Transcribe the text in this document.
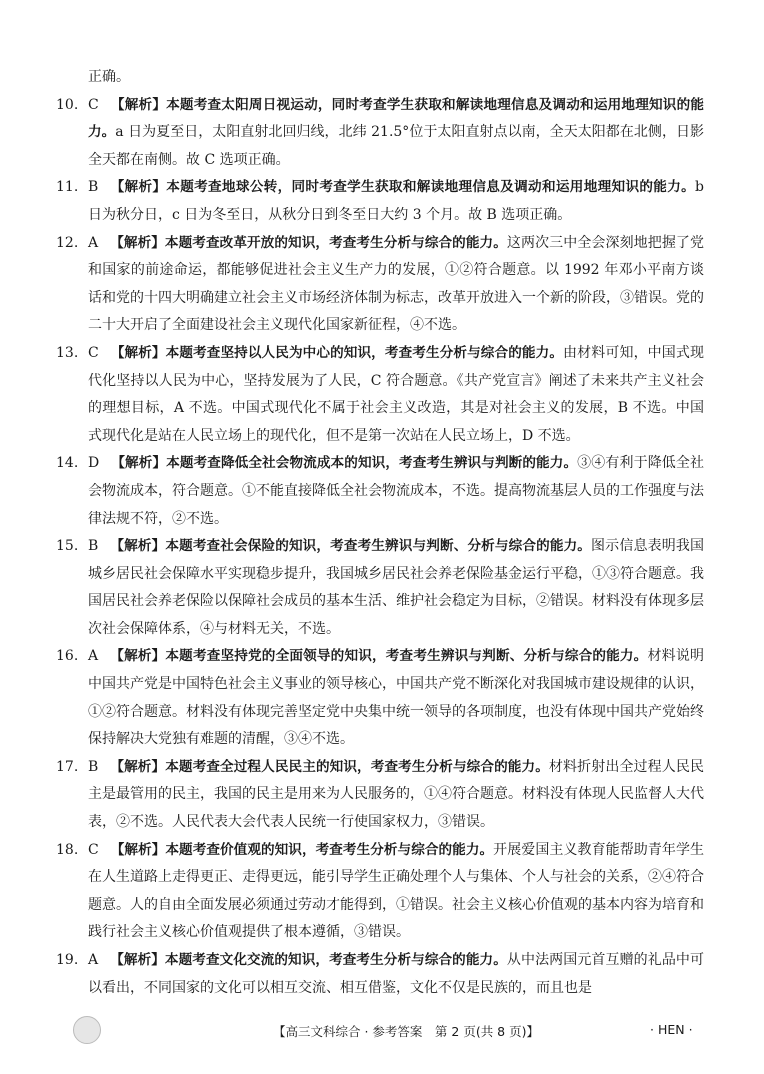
正确。
10. C 【解析】本题考查太阳周日视运动，同时考查学生获取和解读地理信息及调动和运用地理知识的能力。a 日为夏至日，太阳直射北回归线，北纬 21.5°位于太阳直射点以南，全天太阳都在北侧，日影全天都在南侧。故 C 选项正确。
11. B 【解析】本题考查地球公转，同时考查学生获取和解读地理信息及调动和运用地理知识的能力。b 日为秋分日，c 日为冬至日，从秋分日到冬至日大约 3 个月。故 B 选项正确。
12. A 【解析】本题考查改革开放的知识，考查考生分析与综合的能力。这两次三中全会深刻地把握了党和国家的前途命运，都能够促进社会主义生产力的发展，①②符合题意。以 1992 年邓小平南方谈话和党的十四大明确建立社会主义市场经济体制为标志，改革开放进入一个新的阶段，③错误。党的二十大开启了全面建设社会主义现代化国家新征程，④不选。
13. C 【解析】本题考查坚持以人民为中心的知识，考查考生分析与综合的能力。由材料可知，中国式现代化坚持以人民为中心，坚持发展为了人民，C 符合题意。《共产党宣言》阐述了未来共产主义社会的理想目标，A 不选。中国式现代化不属于社会主义改造，其是对社会主义的发展，B 不选。中国式现代化是站在人民立场上的现代化，但不是第一次站在人民立场上，D 不选。
14. D 【解析】本题考查降低全社会物流成本的知识，考查考生辨识与判断的能力。③④有利于降低全社会物流成本，符合题意。①不能直接降低全社会物流成本，不选。提高物流基层人员的工作强度与法律法规不符，②不选。
15. B 【解析】本题考查社会保险的知识，考查考生辨识与判断、分析与综合的能力。图示信息表明我国城乡居民社会保障水平实现稳步提升，我国城乡居民社会养老保险基金运行平稳，①③符合题意。我国居民社会养老保险以保障社会成员的基本生活、维护社会稳定为目标，②错误。材料没有体现多层次社会保障体系，④与材料无关，不选。
16. A 【解析】本题考查坚持党的全面领导的知识，考查考生辨识与判断、分析与综合的能力。材料说明中国共产党是中国特色社会主义事业的领导核心，中国共产党不断深化对我国城市建设规律的认识，①②符合题意。材料没有体现完善坚定党中央集中统一领导的各项制度，也没有体现中国共产党始终保持解决大党独有难题的清醒，③④不选。
17. B 【解析】本题考查全过程人民民主的知识，考查考生分析与综合的能力。材料折射出全过程人民民主是最管用的民主，我国的民主是用来为人民服务的，①④符合题意。材料没有体现人民监督人大代表，②不选。人民代表大会代表人民统一行使国家权力，③错误。
18. C 【解析】本题考查价值观的知识，考查考生分析与综合的能力。开展爱国主义教育能帮助青年学生在人生道路上走得更正、走得更远，能引导学生正确处理个人与集体、个人与社会的关系，②④符合题意。人的自由全面发展必须通过劳动才能得到，①错误。社会主义核心价值观的基本内容为培育和践行社会主义核心价值观提供了根本遵循，③错误。
19. A 【解析】本题考查文化交流的知识，考查考生分析与综合的能力。从中法两国元首互赠的礼品中可以看出，不同国家的文化可以相互交流、相互借鉴，文化不仅是民族的，而且也是
【高三文科综合 · 参考答案　第 2 页(共 8 页)】	· HEN ·
